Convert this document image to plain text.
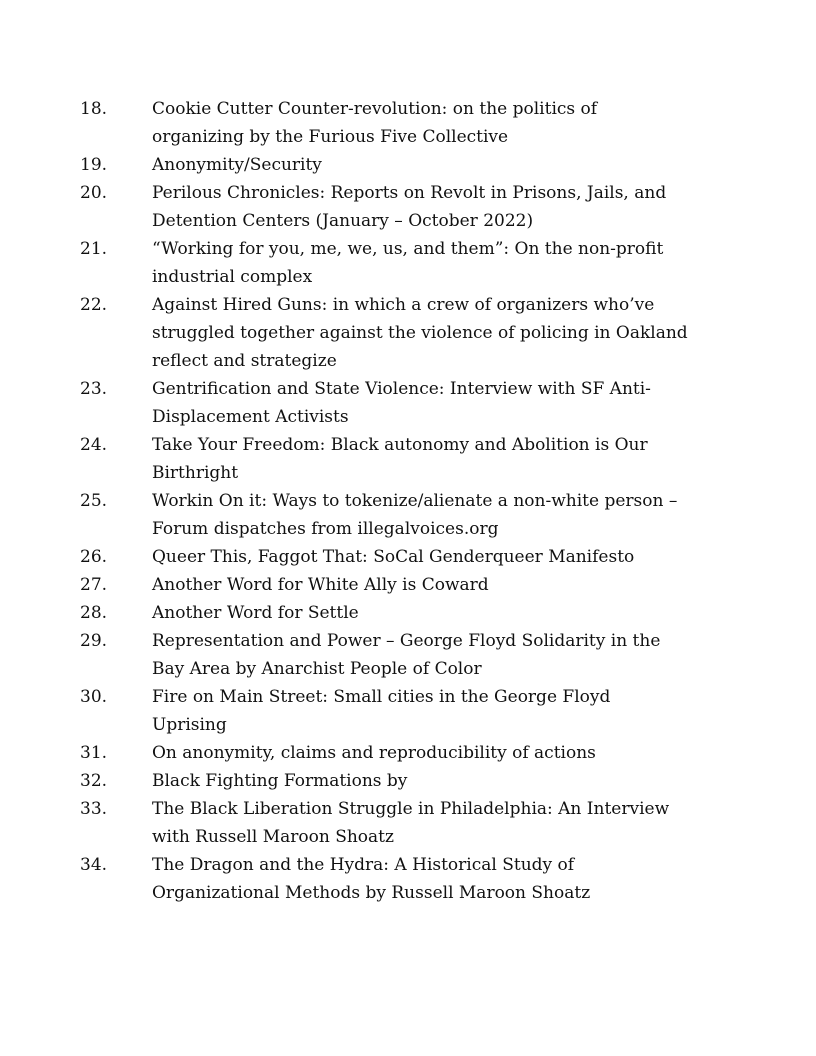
18.	Cookie Cutter Counter-revolution: on the politics of
organizing by the Furious Five Collective
19.	Anonymity/Security
20.	Perilous Chronicles: Reports on Revolt in Prisons, Jails, and
Detention Centers (January – October 2022)
21.	“Working for you, me, we, us, and them”: On the non-profit
industrial complex
22.	Against Hired Guns: in which a crew of organizers who’ve
struggled together against the violence of policing in Oakland
reflect and strategize
23.	Gentrification and State Violence: Interview with SF Anti-
Displacement Activists
24.	Take Your Freedom: Black autonomy and Abolition is Our
Birthright
25.	Workin On it: Ways to tokenize/alienate a non-white person –
Forum dispatches from illegalvoices.org
26.	Queer This, Faggot That: SoCal Genderqueer Manifesto
27.	Another Word for White Ally is Coward
28.	Another Word for Settle
29.	Representation and Power – George Floyd Solidarity in the
Bay Area by Anarchist People of Color
30.	Fire on Main Street: Small cities in the George Floyd
Uprising
31.	On anonymity, claims and reproducibility of actions
32.	Black Fighting Formations by
33.	The Black Liberation Struggle in Philadelphia: An Interview
with Russell Maroon Shoatz
34.	The Dragon and the Hydra: A Historical Study of
Organizational Methods by Russell Maroon Shoatz
